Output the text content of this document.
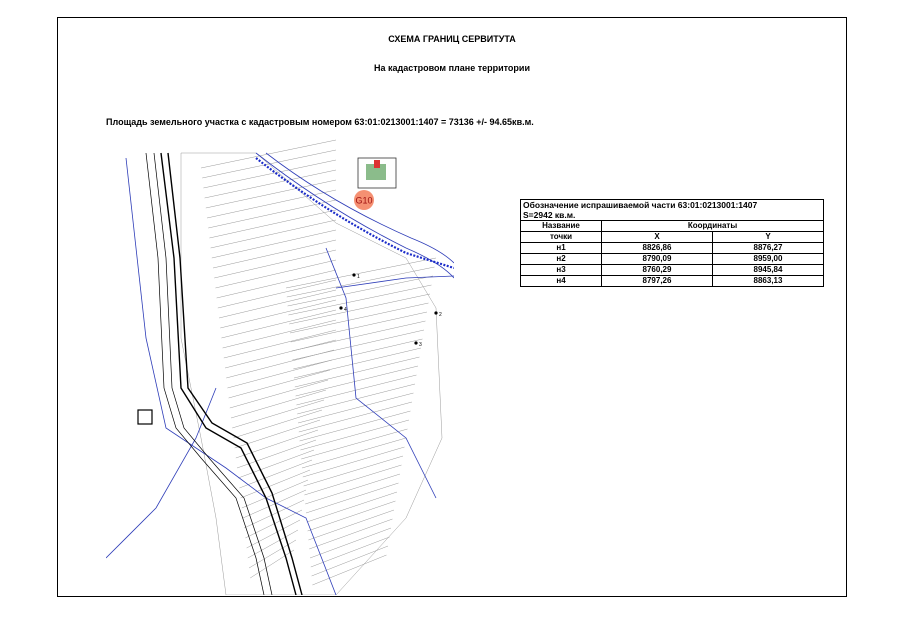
СХЕМА ГРАНИЦ СЕРВИТУТА
На кадастровом плане территории
Площадь земельного участка с кадастровым номером 63:01:0213001:1407 = 73136 +/- 94.65кв.м.
G10
1
2
3
4
Обозначение испрашиваемой части 63:01:0213001:1407		
S=2942 кв.м.		
Название	Координаты	
точки	X	Y
н1	8826,86	8876,27
н2	8790,09	8959,00
н3	8760,29	8945,84
н4	8797,26	8863,13
